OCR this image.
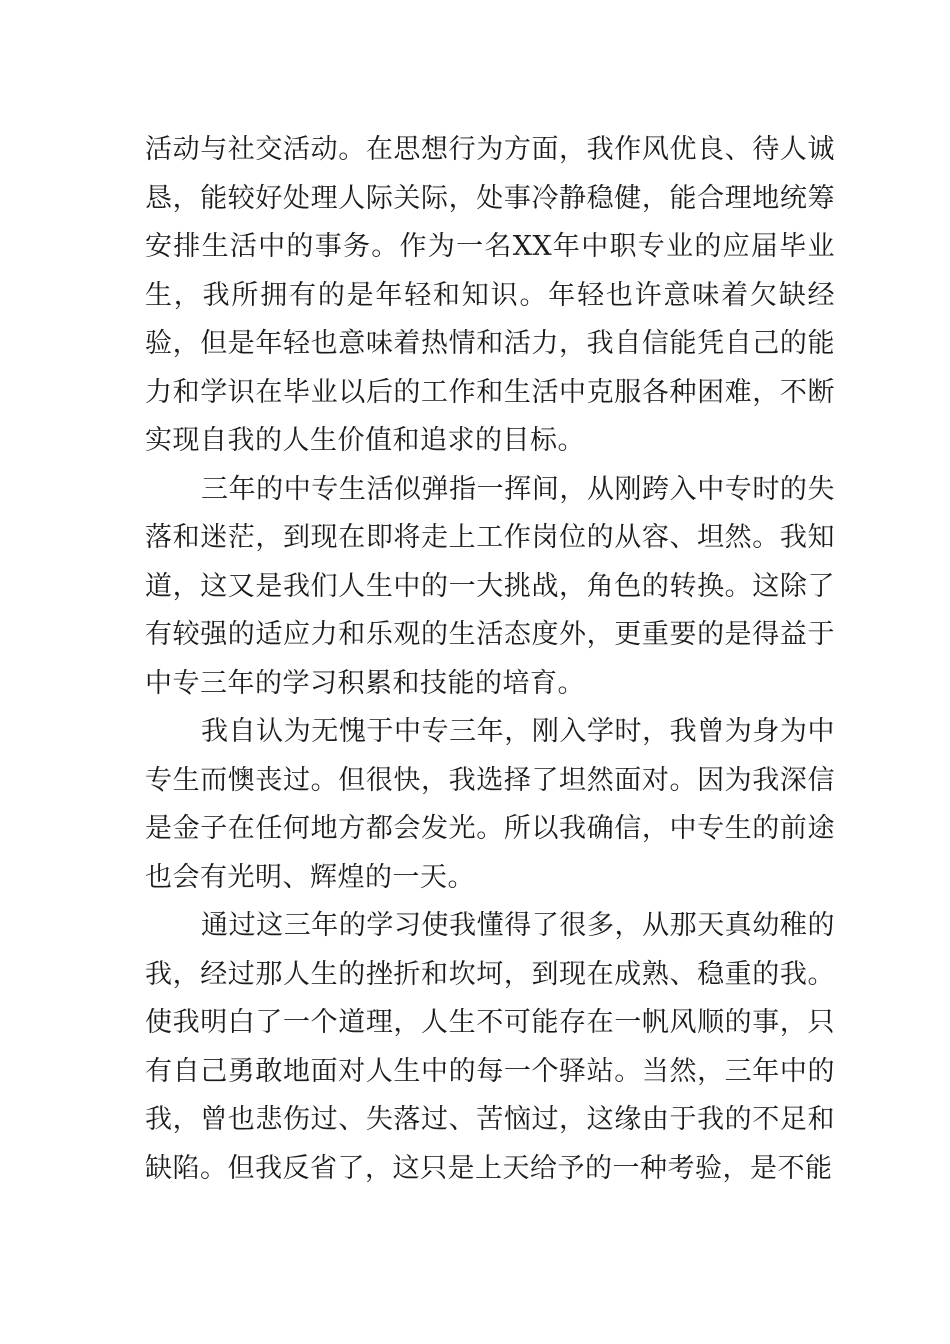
活动与社交活动。在思想行为方面，我作风优良、待人诚恳，能较好处理人际关际，处事冷静稳健，能合理地统筹安排生活中的事务。作为一名XX年中职专业的应届毕业生，我所拥有的是年轻和知识。年轻也许意味着欠缺经验，但是年轻也意味着热情和活力，我自信能凭自己的能力和学识在毕业以后的工作和生活中克服各种困难，不断实现自我的人生价值和追求的目标。

三年的中专生活似弹指一挥间，从刚跨入中专时的失落和迷茫，到现在即将走上工作岗位的从容、坦然。我知道，这又是我们人生中的一大挑战，角色的转换。这除了有较强的适应力和乐观的生活态度外，更重要的是得益于中专三年的学习积累和技能的培育。

我自认为无愧于中专三年，刚入学时，我曾为身为中专生而懊丧过。但很快，我选择了坦然面对。因为我深信是金子在任何地方都会发光。所以我确信，中专生的前途也会有光明、辉煌的一天。

通过这三年的学习使我懂得了很多，从那天真幼稚的我，经过那人生的挫折和坎坷，到现在成熟、稳重的我。使我明白了一个道理，人生不可能存在一帆风顺的事，只有自己勇敢地面对人生中的每一个驿站。当然，三年中的我，曾也悲伤过、失落过、苦恼过，这缘由于我的不足和缺陷。但我反省了，这只是上天给予的一种考验，是不能
